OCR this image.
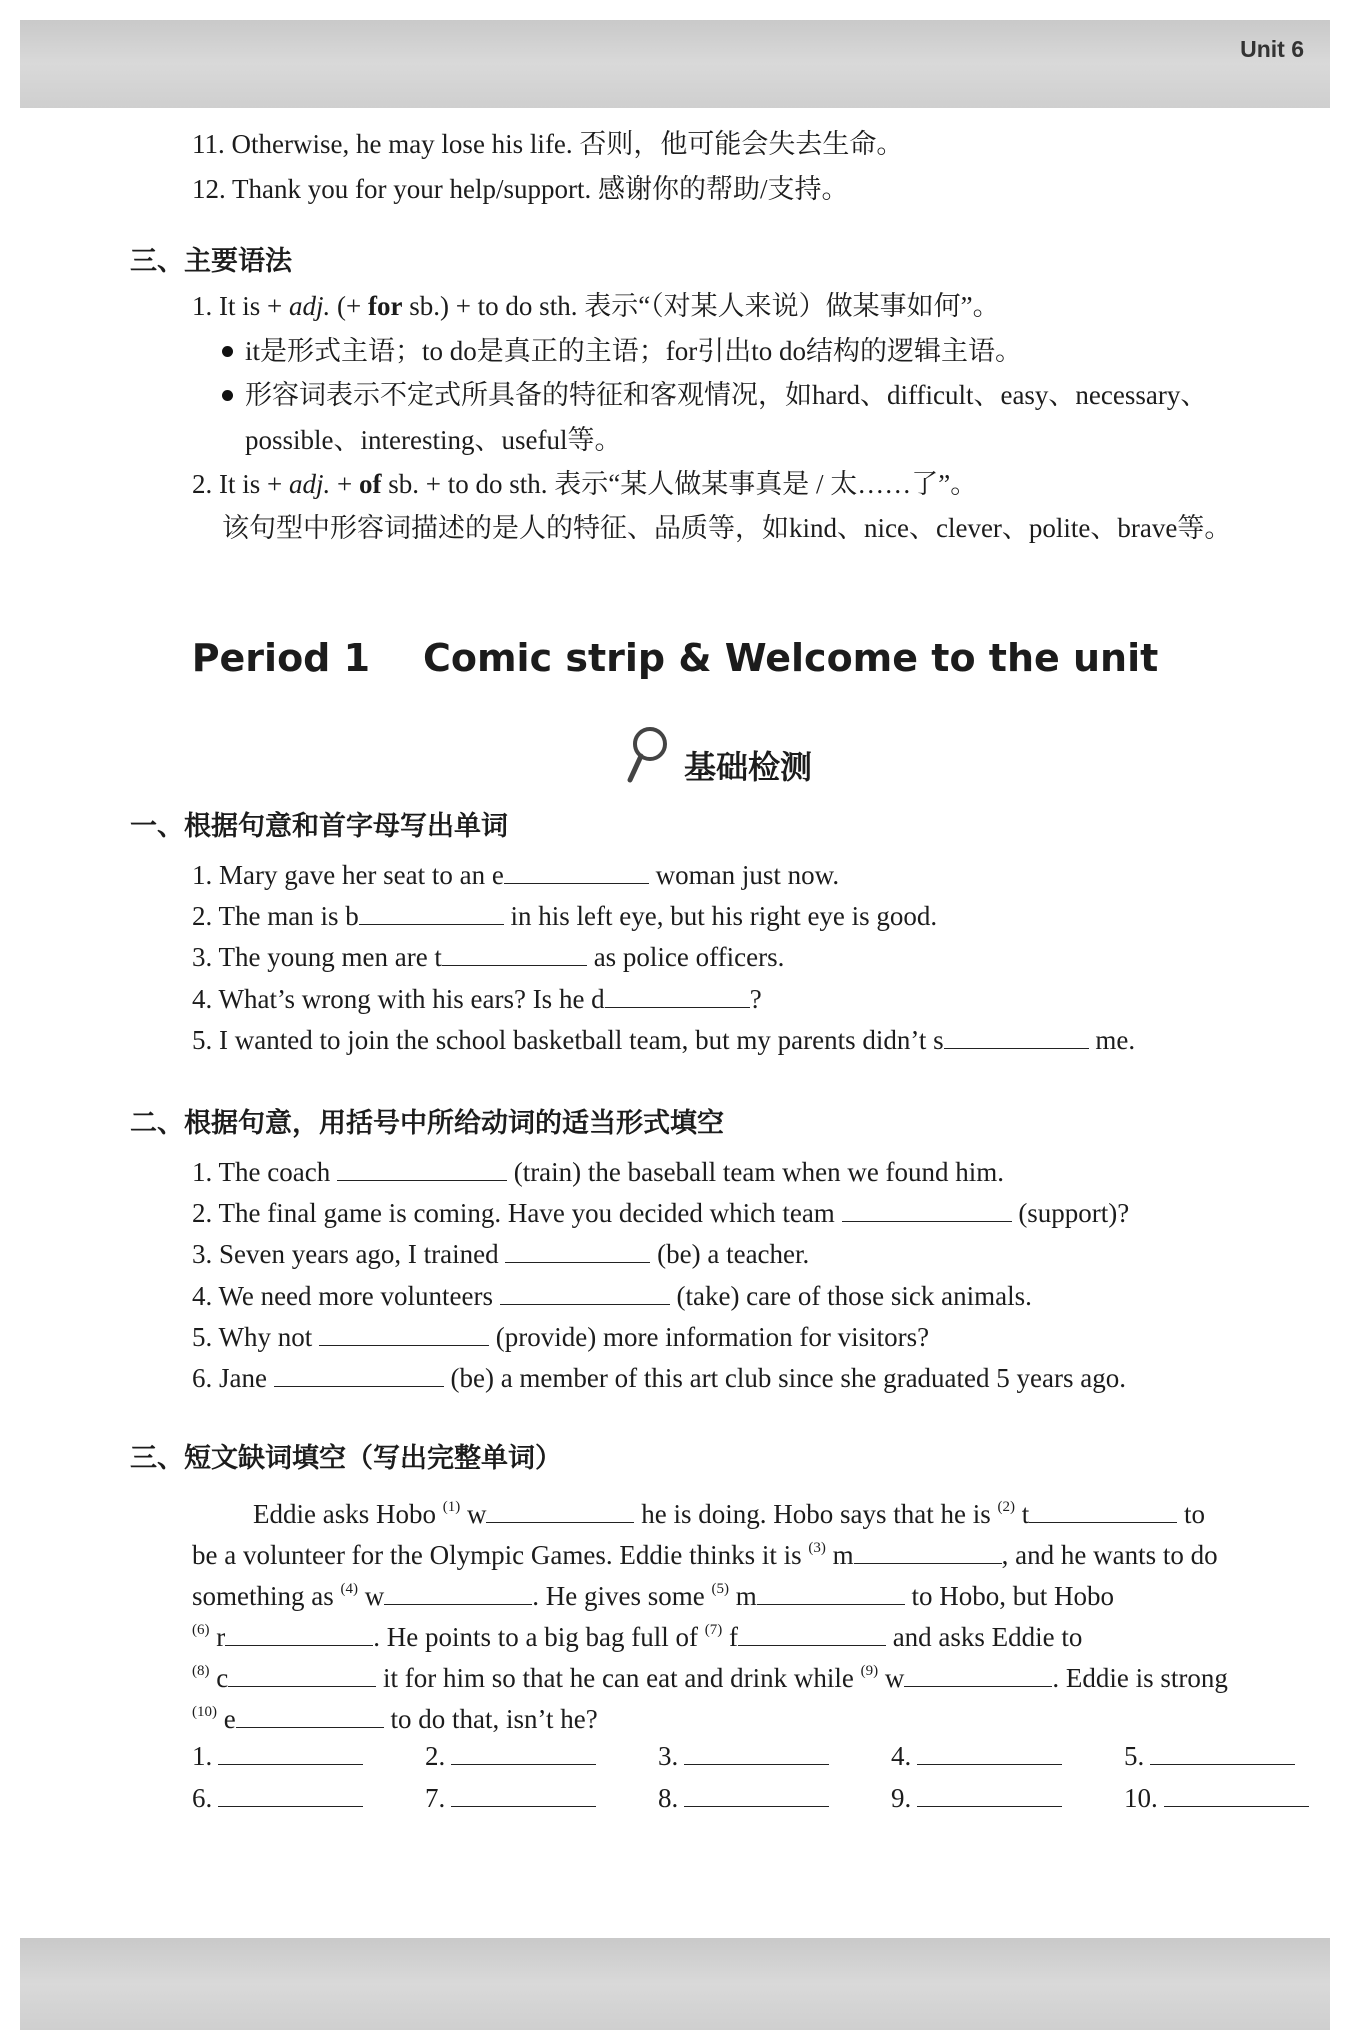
Unit 6
11. Otherwise, he may lose his life. 否则，他可能会失去生命。
12. Thank you for your help/support. 感谢你的帮助/支持。
三、主要语法
1. It is + adj. (+ for sb.) + to do sth. 表示“（对某人来说）做某事如何”。
it是形式主语；to do是真正的主语；for引出to do结构的逻辑主语。
形容词表示不定式所具备的特征和客观情况，如hard、difficult、easy、necessary、
possible、interesting、useful等。
2. It is + adj. + of sb. + to do sth. 表示“某人做某事真是 / 太……了”。
该句型中形容词描述的是人的特征、品质等，如kind、nice、clever、polite、brave等。
Period 1    Comic strip & Welcome to the unit
基础检测
一、根据句意和首字母写出单词
1. Mary gave her seat to an e	woman just now.
2. The man is b	in his left eye, but his right eye is good.
3. The young men are t	as police officers.
4. What’s wrong with his ears? Is he d	?
5. I wanted to join the school basketball team, but my parents didn’t s	me.
二、根据句意，用括号中所给动词的适当形式填空
1. The coach	(train) the baseball team when we found him.
2. The final game is coming. Have you decided which team	(support)?
3. Seven years ago, I trained	(be) a teacher.
4. We need more volunteers	(take) care of those sick animals.
5. Why not	(provide) more information for visitors?
6. Jane	(be) a member of this art club since she graduated 5 years ago.
三、短文缺词填空（写出完整单词）
Eddie asks Hobo $^{(1)}$ w	he is doing. Hobo says that he is $^{(2)}$ t	to
be a volunteer for the Olympic Games. Eddie thinks it is $^{(3)}$ m	, and he wants to do
something as $^{(4)}$ w	. He gives some $^{(5)}$ m	to Hobo, but Hobo
$^{(6)}$ r	. He points to a big bag full of $^{(7)}$ f	and asks Eddie to
$^{(8)}$ c	it for him so that he can eat and drink while $^{(9)}$ w	. Eddie is strong
$^{(10)}$ e	to do that, isn’t he?
1.	2.	3.	4.	5.
6.	7.	8.	9.	10.
